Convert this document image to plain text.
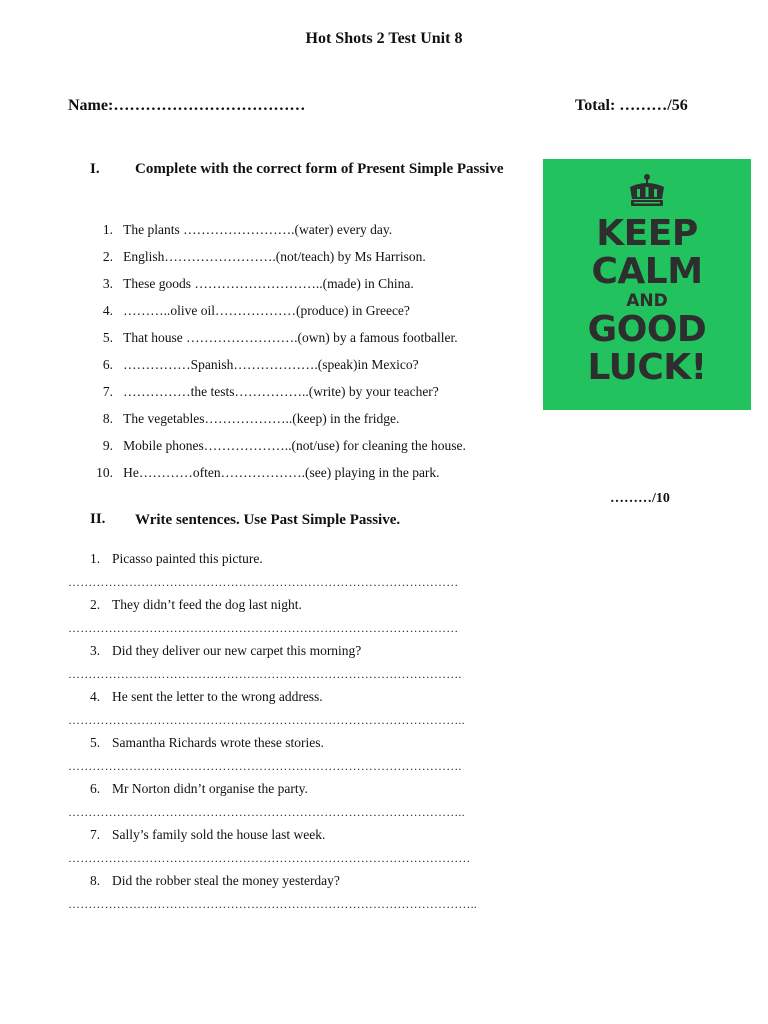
Hot Shots 2 Test Unit 8
Name:………………………………	Total: ………/56
I. Complete with the correct form of Present Simple Passive
1.
The plants …………………….(water) every day.
2.
English…………………….(not/teach) by Ms Harrison.
3.
These goods ………………………..(made) in China.
4.
………..olive oil………………(produce) in Greece?
5.
That house …………………….(own) by a famous footballer.
6.
……………Spanish……………….(speak)in Mexico?
7.
……………the tests……………..(write) by your teacher?
8.
The vegetables………………..(keep) in the fridge.
9.
Mobile phones………………..(not/use) for cleaning the house.
10.
He…………often……………….(see) playing in the park.
………/10
II. Write sentences. Use Past Simple Passive.
1. Picasso painted this picture.
……………………………………………………………………………………
2. They didn’t feed the dog last night.
……………………………………………………………………………………
3. Did they deliver our new carpet this morning?
…………………………………………………………………………………….
4. He sent the letter to the wrong address.
……………………………………………………………………………………..
5. Samantha Richards wrote these stories.
…………………………………………………………………………………….
6. Mr Norton didn’t organise the party.
……………………………………………………………………………………..
7. Sally’s family sold the house last week.
………………………………………………………………………………………
8. Did the robber steal the money yesterday?
………………………………………………………………………………………..
KEEP
CALM
AND
GOOD
LUCK!
